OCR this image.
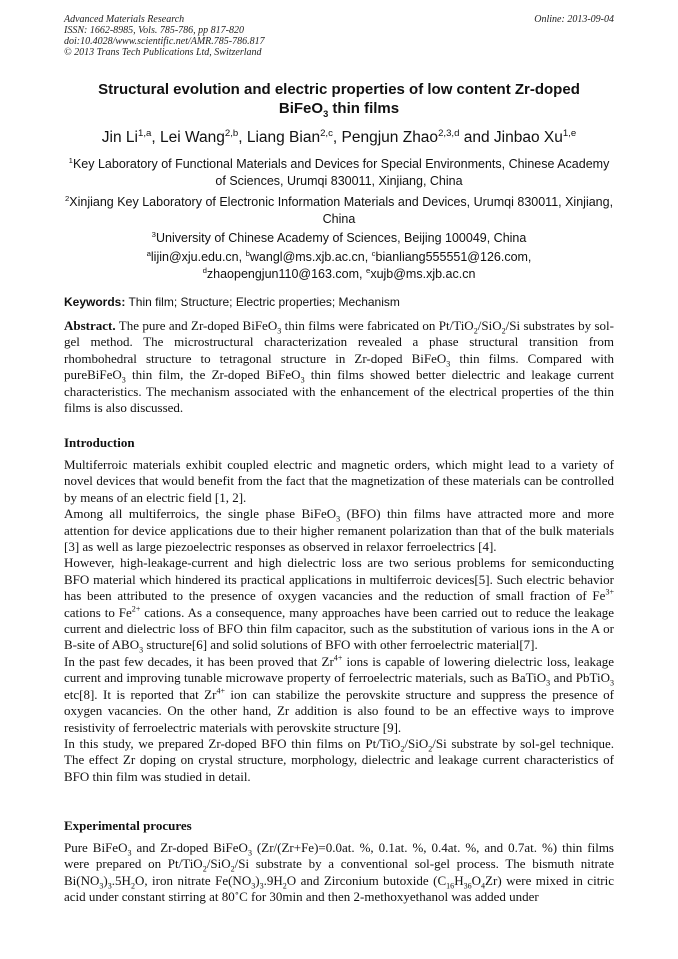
Advanced Materials Research
ISSN: 1662-8985, Vols. 785-786, pp 817-820
doi:10.4028/www.scientific.net/AMR.785-786.817
© 2013 Trans Tech Publications Ltd, Switzerland
Online: 2013-09-04
Structural evolution and electric properties of low content Zr-doped
BiFeO$_3$ thin films
Jin Li$^{1,a}$, Lei Wang$^{2,b}$, Liang Bian$^{2,c}$, Pengjun Zhao$^{2,3,d}$ and Jinbao Xu$^{1,e}$
$^1$Key Laboratory of Functional Materials and Devices for Special Environments, Chinese Academy of Sciences, Urumqi 830011, Xinjiang, China
$^2$Xinjiang Key Laboratory of Electronic Information Materials and Devices, Urumqi 830011, Xinjiang, China
$^3$University of Chinese Academy of Sciences, Beijing 100049, China
$^a$lijin@xju.edu.cn, $^b$wangl@ms.xjb.ac.cn, $^c$bianliang555551@126.com,
$^d$zhaopengjun110@163.com, $^e$xujb@ms.xjb.ac.cn
Keywords: Thin film; Structure; Electric properties; Mechanism
Abstract. The pure and Zr-doped BiFeO$_3$ thin films were fabricated on Pt/TiO$_2$/SiO$_2$/Si substrates by sol-gel method. The microstructural characterization revealed a phase structural transition from rhombohedral structure to tetragonal structure in Zr-doped BiFeO$_3$ thin films. Compared with pureBiFeO$_3$ thin film, the Zr-doped BiFeO$_3$ thin films showed better dielectric and leakage current characteristics. The mechanism associated with the enhancement of the electrical properties of the thin films is also discussed.
Introduction

Multiferroic materials exhibit coupled electric and magnetic orders, which might lead to a variety of novel devices that would benefit from the fact that the magnetization of these materials can be controlled by means of an electric field [1, 2].

Among all multiferroics, the single phase BiFeO$_3$ (BFO) thin films have attracted more and more attention for device applications due to their higher remanent polarization than that of the bulk materials [3] as well as large piezoelectric responses as observed in relaxor ferroelectrics [4].

However, high-leakage-current and high dielectric loss are two serious problems for semiconducting BFO material which hindered its practical applications in multiferroic devices[5]. Such electric behavior has been attributed to the presence of oxygen vacancies and the reduction of small fraction of $Fe^{3+}$ cations to $Fe^{2+}$ cations. As a consequence, many approaches have been carried out to reduce the leakage current and dielectric loss of BFO thin film capacitor, such as the substitution of various ions in the A or B-site of $ABO_3$ structure[6] and solid solutions of BFO with other ferroelectric material[7].

In the past few decades, it has been proved that $Zr^{4+}$ ions is capable of lowering dielectric loss, leakage current and improving tunable microwave property of ferroelectric materials, such as BaTiO$_3$ and PbTiO$_3$ etc[8]. It is reported that $Zr^{4+}$ ion can stabilize the perovskite structure and suppress the presence of oxygen vacancies. On the other hand, Zr addition is also found to be an effective ways to improve resistivity of ferroelectric materials with perovskite structure [9].

In this study, we prepared Zr-doped BFO thin films on Pt/TiO$_2$/SiO$_2$/Si substrate by sol-gel technique. The effect Zr doping on crystal structure, morphology, dielectric and leakage current characteristics of BFO thin film was studied in detail.

Experimental procures

Pure BiFeO$_3$ and Zr-doped BiFeO$_3$ (Zr/(Zr+Fe)=0.0at. %, 0.1at. %, 0.4at. %, and 0.7at. %) thin films were prepared on Pt/TiO$_2$/SiO$_2$/Si substrate by a conventional sol-gel process. The bismuth nitrate $Bi(NO_3)_3.5H_2O$, iron nitrate $Fe(NO_3)_3.9H_2O$ and Zirconium butoxide $(C_{16}H_{36}O_4Zr)$ were mixed in citric acid under constant stirring at 80˚C for 30min and then 2-methoxyethanol was added under
